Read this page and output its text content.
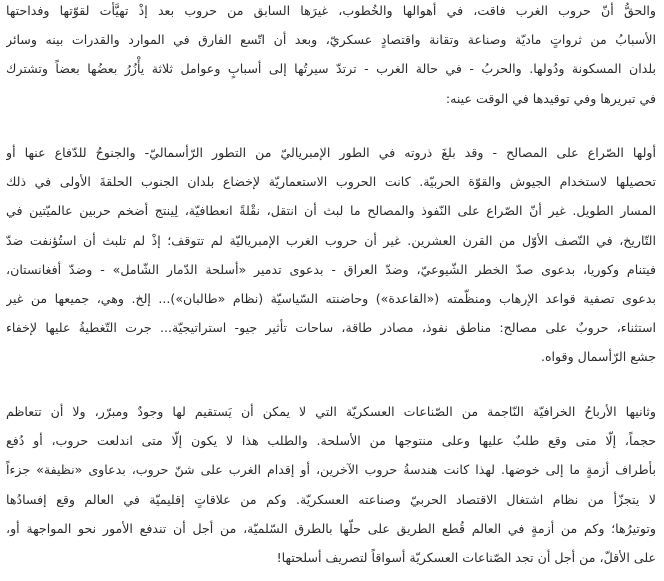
والحقُّ أنّ حروب الغرب فاقت، في أهوالها والخُطوب، غيرَها السابق من حروب بعد إذْ تهيَّأت لقوّتها وفداحتها
الأسبابُ من ثرواتٍ ماديّة وصناعة وتقانة واقتصادٍ عسكريّ، وبعد أن اتّسع الفارق في الموارد والقدرات بينه وسائر
بلدان المسكونة ودُولها. والحربُ - في حالة الغرب - ترتدّ سيرتُها إلى أسبابٍ وعوامل ثلاثة يأْزُرُ بعضُها بعضاً وتشترك
في تبريرها وفي توقيدها في الوقت عينه:
أولها الصّراع على المصالح - وقد بلغَ ذروته في الطور الإمبرياليّ من التطور الرّأسماليّ- والجنوحُ للدّفاع عنها أو
تحصيلها لاستخدام الجيوش والقوّة الحربيّة. كانت الحروب الاستعماريّة لإخضاع بلدان الجنوب الحلقةَ الأولى في ذلك
المسار الطويل. غير أنّ الصّراع على النّفوذ والمصالح ما لبث أن انتقل، نقْلةً انعطافيّة، لِينتج أضخم حربين عالميّتين في
التّاريخ، في النّصف الأوّل من القرن العشرين. غير أن حروب الغرب الإمبرياليّة لم تتوقف؛ إذْ لم تلبث أن استُؤنفت ضدّ
فيتنام وكوريا، بدعوى صدّ الخطر الشّيوعيّ، وضدّ العراق - بدعوى تدمير «أسلحة الدّمار الشّامل» - وضدّ أفغانستان،
بدعوى تصفية قواعد الإرهاب ومنظّمته («القاعدة») وحاضنته السّياسيّة (نظام «طالبان»)... إلخ. وهي، جميعها من غير
استثناء، حروبٌ على مصالح: مناطق نفوذ، مصادر طاقة، ساحات تأثير جيو- استراتيجيّة... جرت التّغطيةُ عليها لإخفاء
جشع الرّأسمال وقواه.
وثانيها الأرباحُ الخرافيّة النّاجمة من الصّناعات العسكريّة التي لا يمكن أن يَستقيم لها وجودٌ ومبرّر، ولا أن تتعاظم
حجماً، إلّا متى وقع طلبٌ عليها وعلى منتوجها من الأسلحة. والطلب هذا لا يكون إلّا متى اندلعت حروب، أو دُفع
بأطراف أزمةٍ ما إلى خوضها. لهذا كانت هندسةُ حروب الآخرين، أو إقدام الغرب على شنّ حروب، بدعاوى «نظيفة» جزءاً
لا يتجزّأ من نظام اشتغال الاقتصاد الحربيّ وصناعته العسكريّة. وكم من علاقاتٍ إقليميّة في العالم وقع إفسادُها
وتوتيرُها؛ وكم من أزمةٍ في العالم قُطع الطريق على حلّها بالطرق السّلميّة، من أجل أن تندفع الأمور نحو المواجهة أو،
على الأقلّ، من أجل أن تجد الصّناعات العسكريّة أسواقاً لتصريف أسلحتها!
